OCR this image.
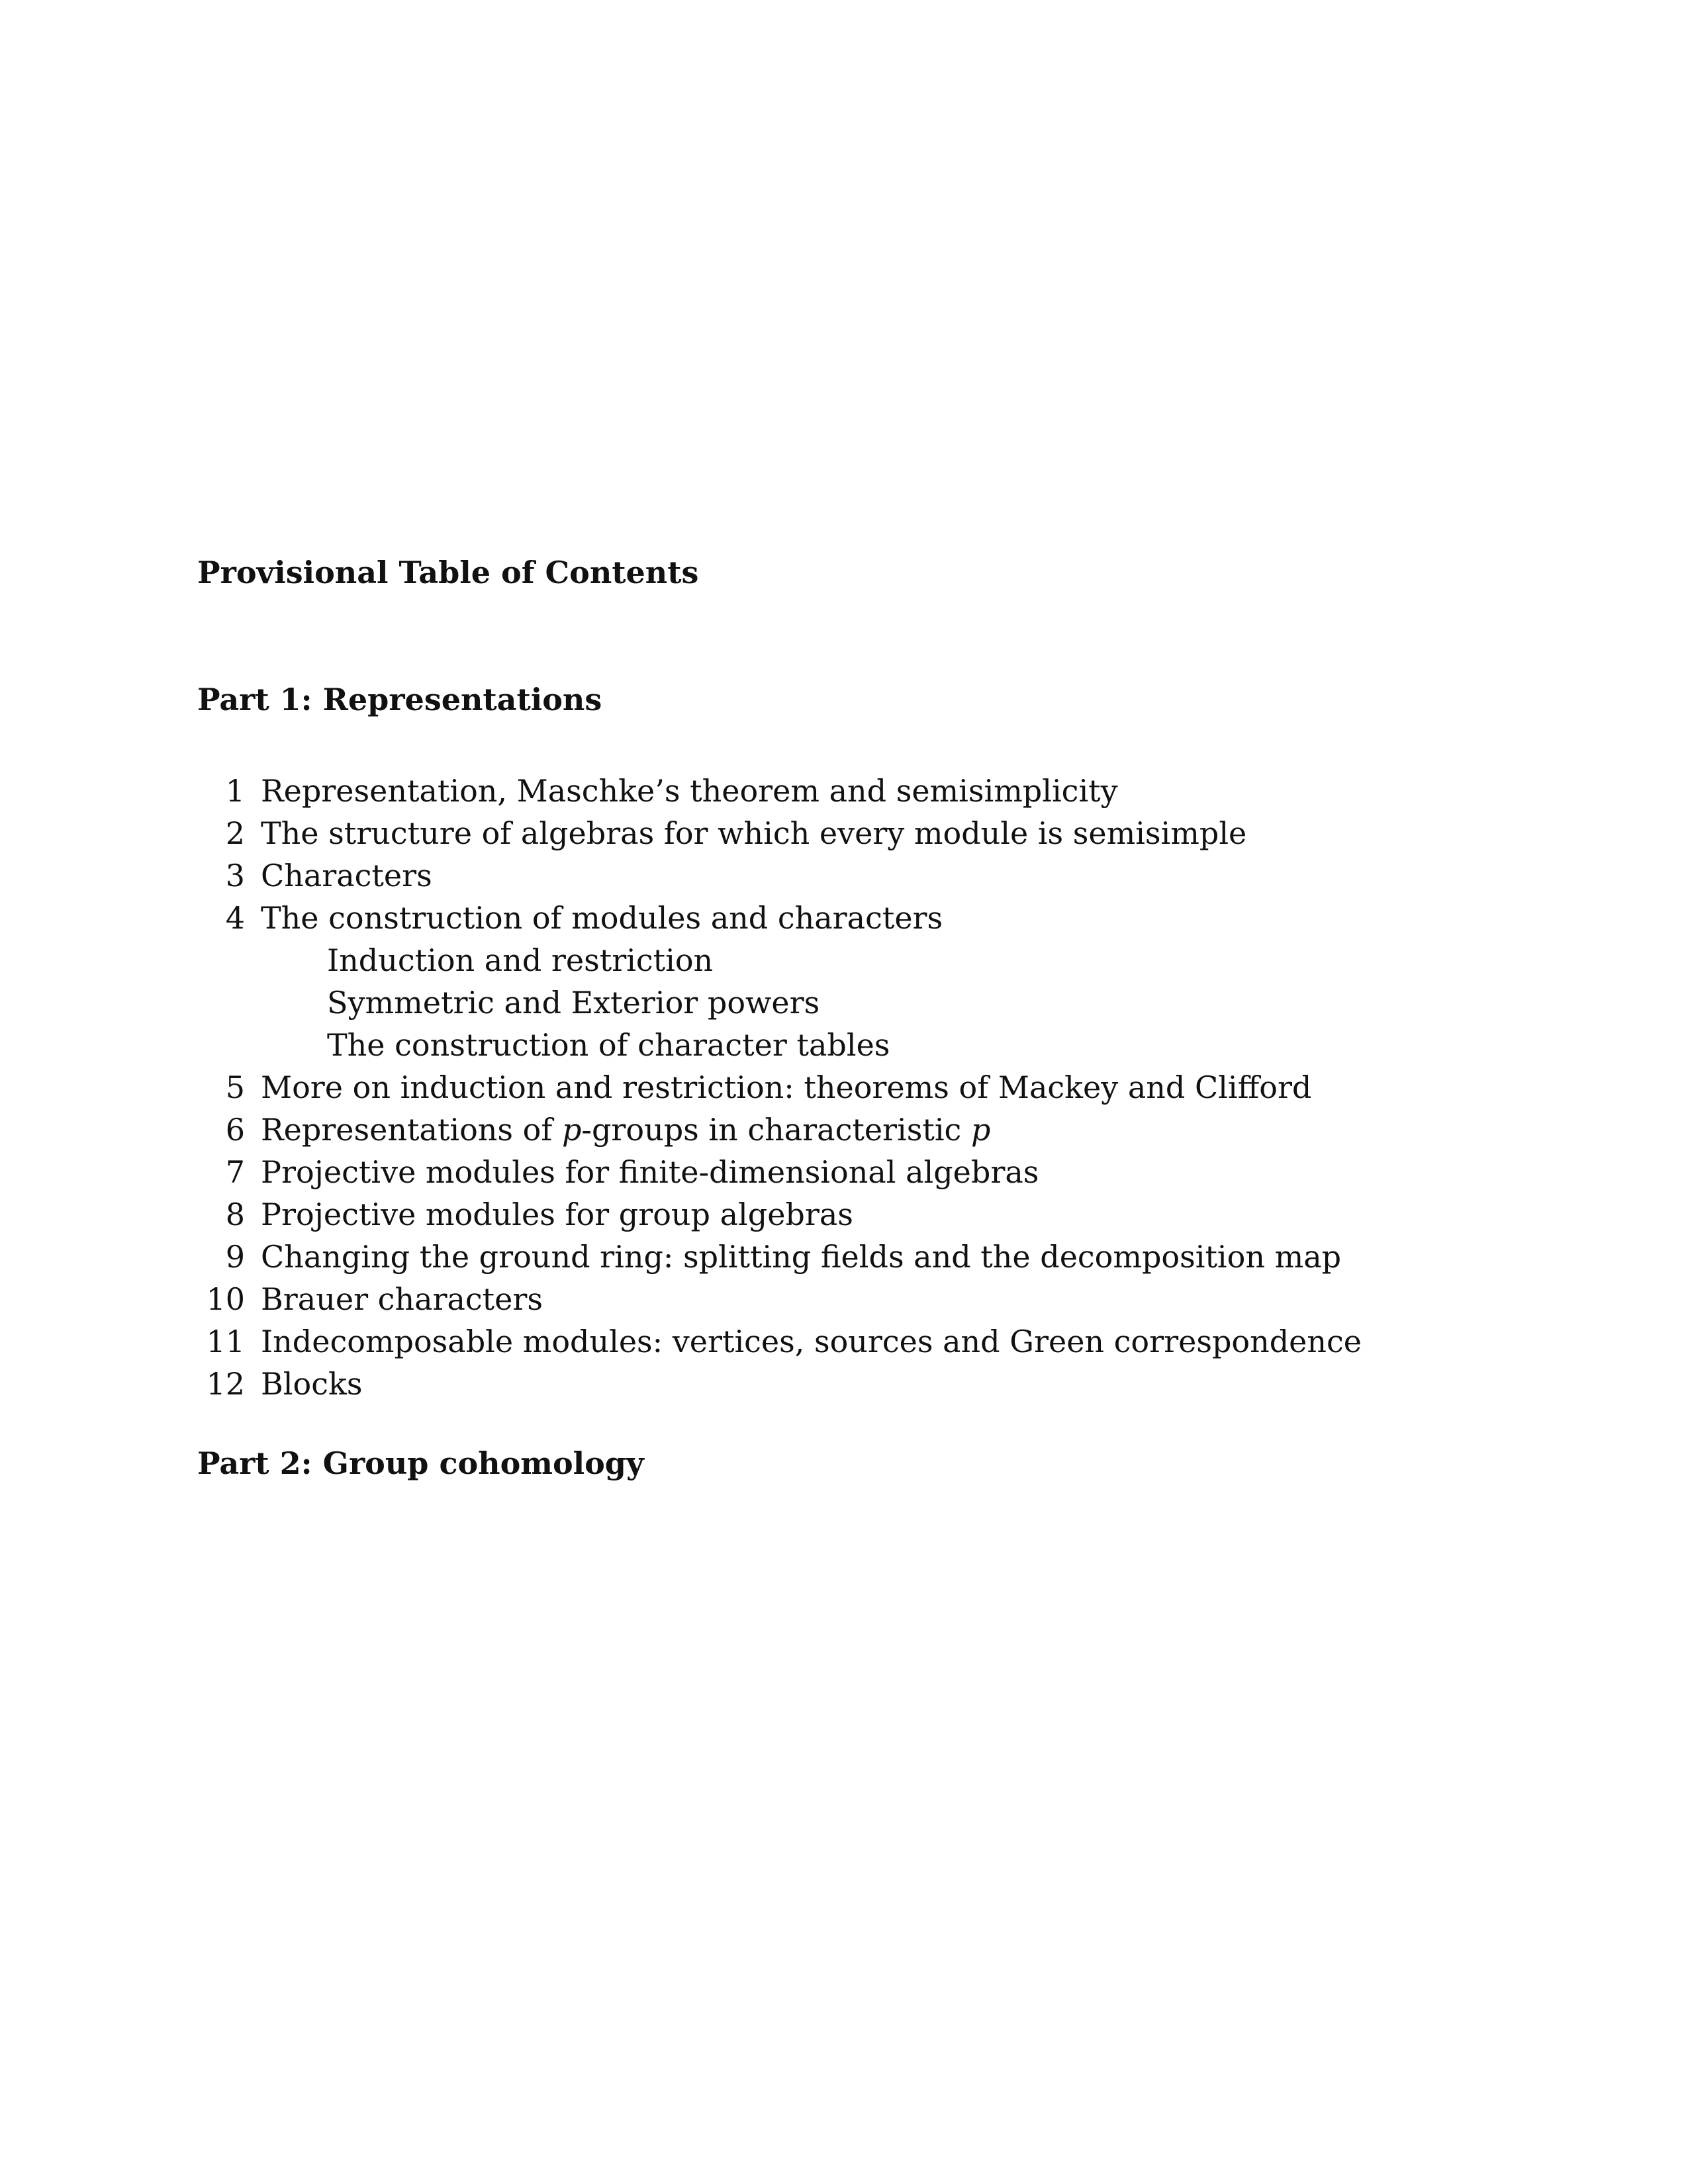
Provisional Table of Contents
Part 1: Representations
1 Representation, Maschke’s theorem and semisimplicity
2 The structure of algebras for which every module is semisimple
3 Characters
4 The construction of modules and characters
Induction and restriction
Symmetric and Exterior powers
The construction of character tables
5 More on induction and restriction: theorems of Mackey and Clifford
6 Representations of p-groups in characteristic p
7 Projective modules for finite-dimensional algebras
8 Projective modules for group algebras
9 Changing the ground ring: splitting fields and the decomposition map
10 Brauer characters
11 Indecomposable modules: vertices, sources and Green correspondence
12 Blocks
Part 2: Group cohomology
